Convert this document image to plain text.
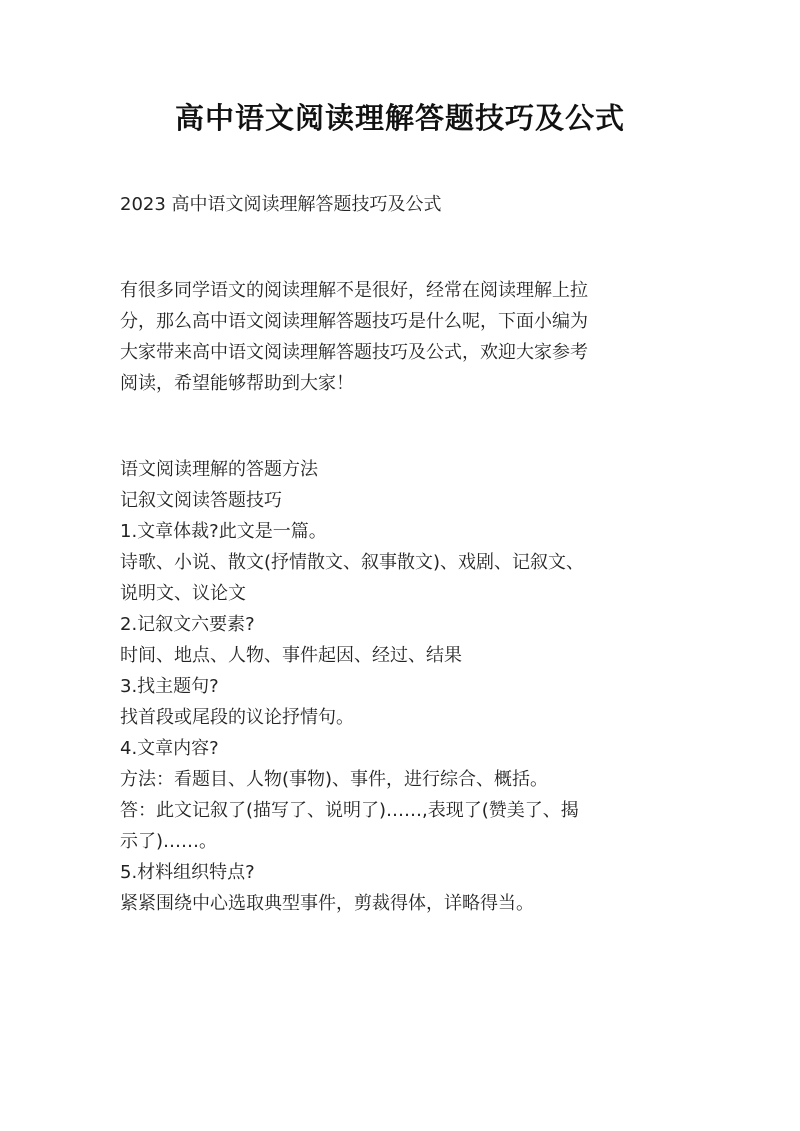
高中语文阅读理解答题技巧及公式
2023 高中语文阅读理解答题技巧及公式
有很多同学语文的阅读理解不是很好，经常在阅读理解上拉
分，那么高中语文阅读理解答题技巧是什么呢，下面小编为
大家带来高中语文阅读理解答题技巧及公式，欢迎大家参考
阅读，希望能够帮助到大家！
语文阅读理解的答题方法
记叙文阅读答题技巧
1.文章体裁?此文是一篇。
诗歌、小说、散文(抒情散文、叙事散文)、戏剧、记叙文、
说明文、议论文
2.记叙文六要素?
时间、地点、人物、事件起因、经过、结果
3.找主题句?
找首段或尾段的议论抒情句。
4.文章内容?
方法：看题目、人物(事物)、事件，进行综合、概括。
答：此文记叙了(描写了、说明了)……,表现了(赞美了、揭
示了)……。
5.材料组织特点?
紧紧围绕中心选取典型事件，剪裁得体，详略得当。
